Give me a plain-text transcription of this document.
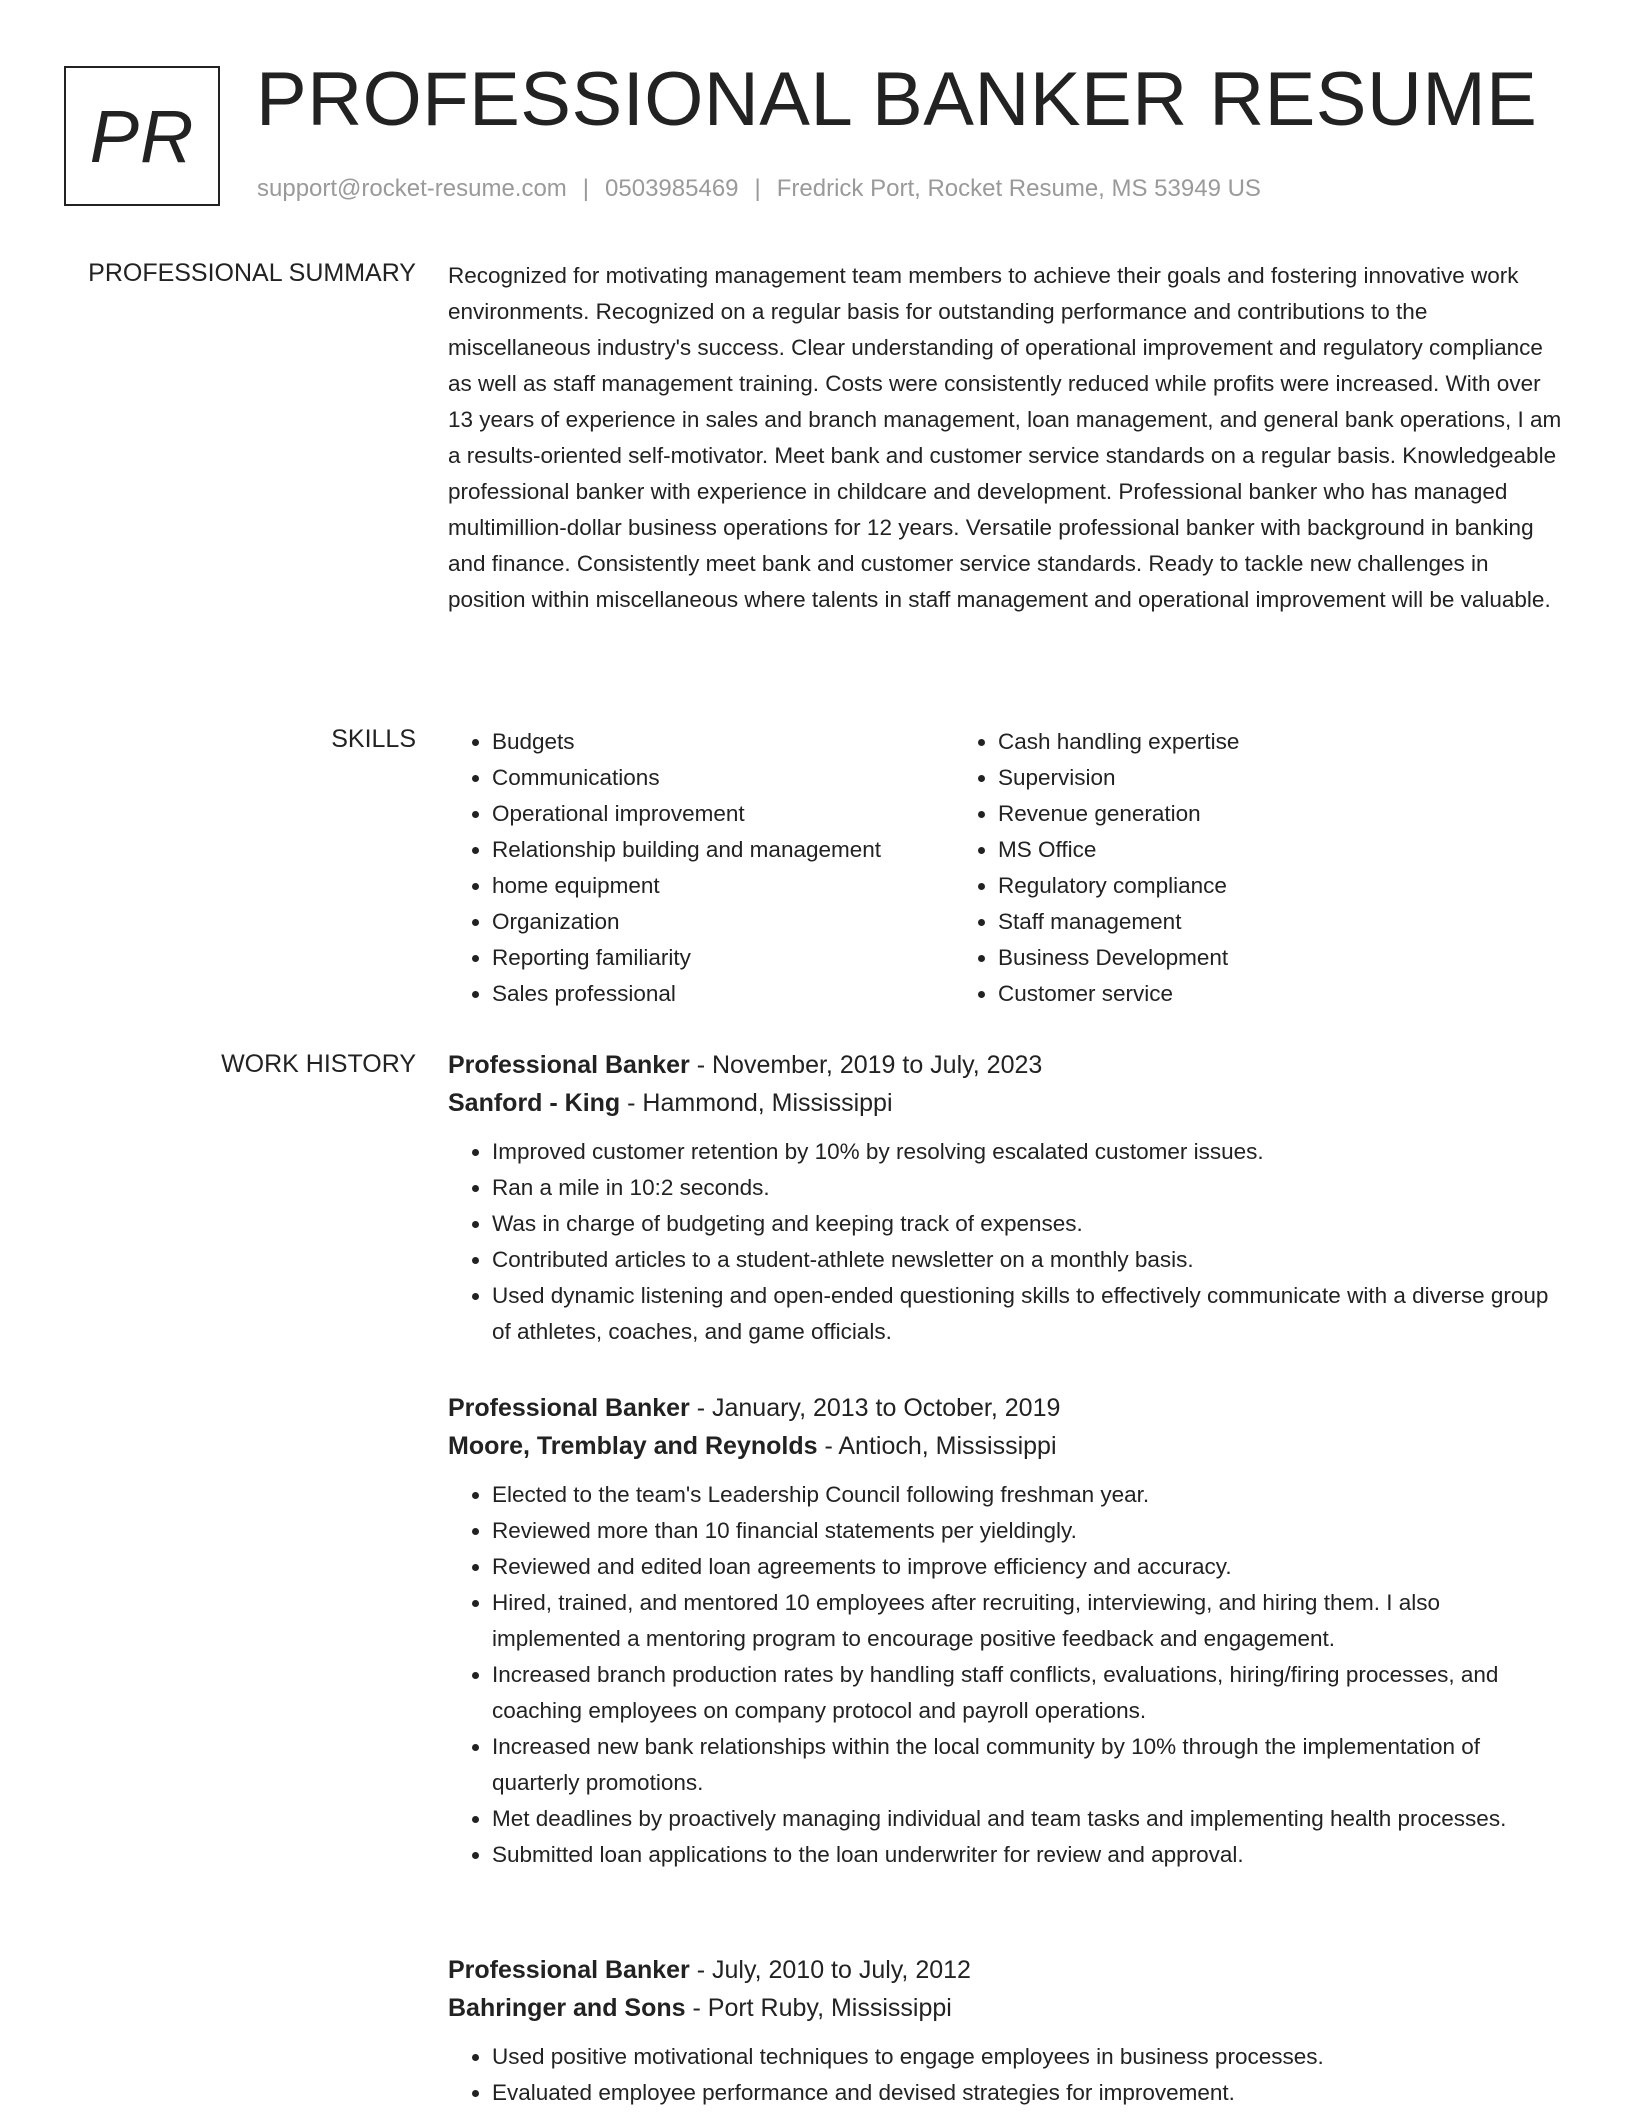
PR PROFESSIONAL BANKER RESUME
support@rocket-resume.com | 0503985469 | Fredrick Port, Rocket Resume, MS 53949 US
PROFESSIONAL SUMMARY Recognized for motivating management team members to achieve their goals and fostering innovative work environments. Recognized on a regular basis for outstanding performance and contributions to the miscellaneous industry's success. Clear understanding of operational improvement and regulatory compliance as well as staff management training. Costs were consistently reduced while profits were increased. With over 13 years of experience in sales and branch management, loan management, and general bank operations, I am a results-oriented self-motivator. Meet bank and customer service standards on a regular basis. Knowledgeable professional banker with experience in childcare and development. Professional banker who has managed multimillion-dollar business operations for 12 years. Versatile professional banker with background in banking and finance. Consistently meet bank and customer service standards. Ready to tackle new challenges in position within miscellaneous where talents in staff management and operational improvement will be valuable.

SKILLS
•	Budgets
• Communications
• Operational improvement
• Relationship building and management
• home equipment
• Organization
• Reporting familiarity
• Sales professional
• Cash handling expertise
• Supervision
• Revenue generation
• MS Office
• Regulatory compliance
• Staff management
• Business Development
• Customer service
WORK HISTORY Professional Banker - November, 2019 to July, 2023
Sanford - King - Hammond, Mississippi
• Improved customer retention by 10% by resolving escalated customer issues.
• Ran a mile in 10:2 seconds.
• Was in charge of budgeting and keeping track of expenses.
• Contributed articles to a student-athlete newsletter on a monthly basis.
• Used dynamic listening and open-ended questioning skills to effectively communicate with a diverse group of athletes, coaches, and game officials.
Professional Banker - January, 2013 to October, 2019
Moore, Tremblay and Reynolds - Antioch, Mississippi
• Elected to the team's Leadership Council following freshman year.
• Reviewed more than 10 financial statements per yieldingly.
• Reviewed and edited loan agreements to improve efficiency and accuracy.
• Hired, trained, and mentored 10 employees after recruiting, interviewing, and hiring them. I also implemented a mentoring program to encourage positive feedback and engagement.
• Increased branch production rates by handling staff conflicts, evaluations, hiring/firing processes, and coaching employees on company protocol and payroll operations.
• Increased new bank relationships within the local community by 10% through the implementation of quarterly promotions.
• Met deadlines by proactively managing individual and team tasks and implementing health processes.
• Submitted loan applications to the loan underwriter for review and approval.
Professional Banker - July, 2010 to July, 2012
Bahringer and Sons - Port Ruby, Mississippi
• Used positive motivational techniques to engage employees in business processes.
• Evaluated employee performance and devised strategies for improvement.
